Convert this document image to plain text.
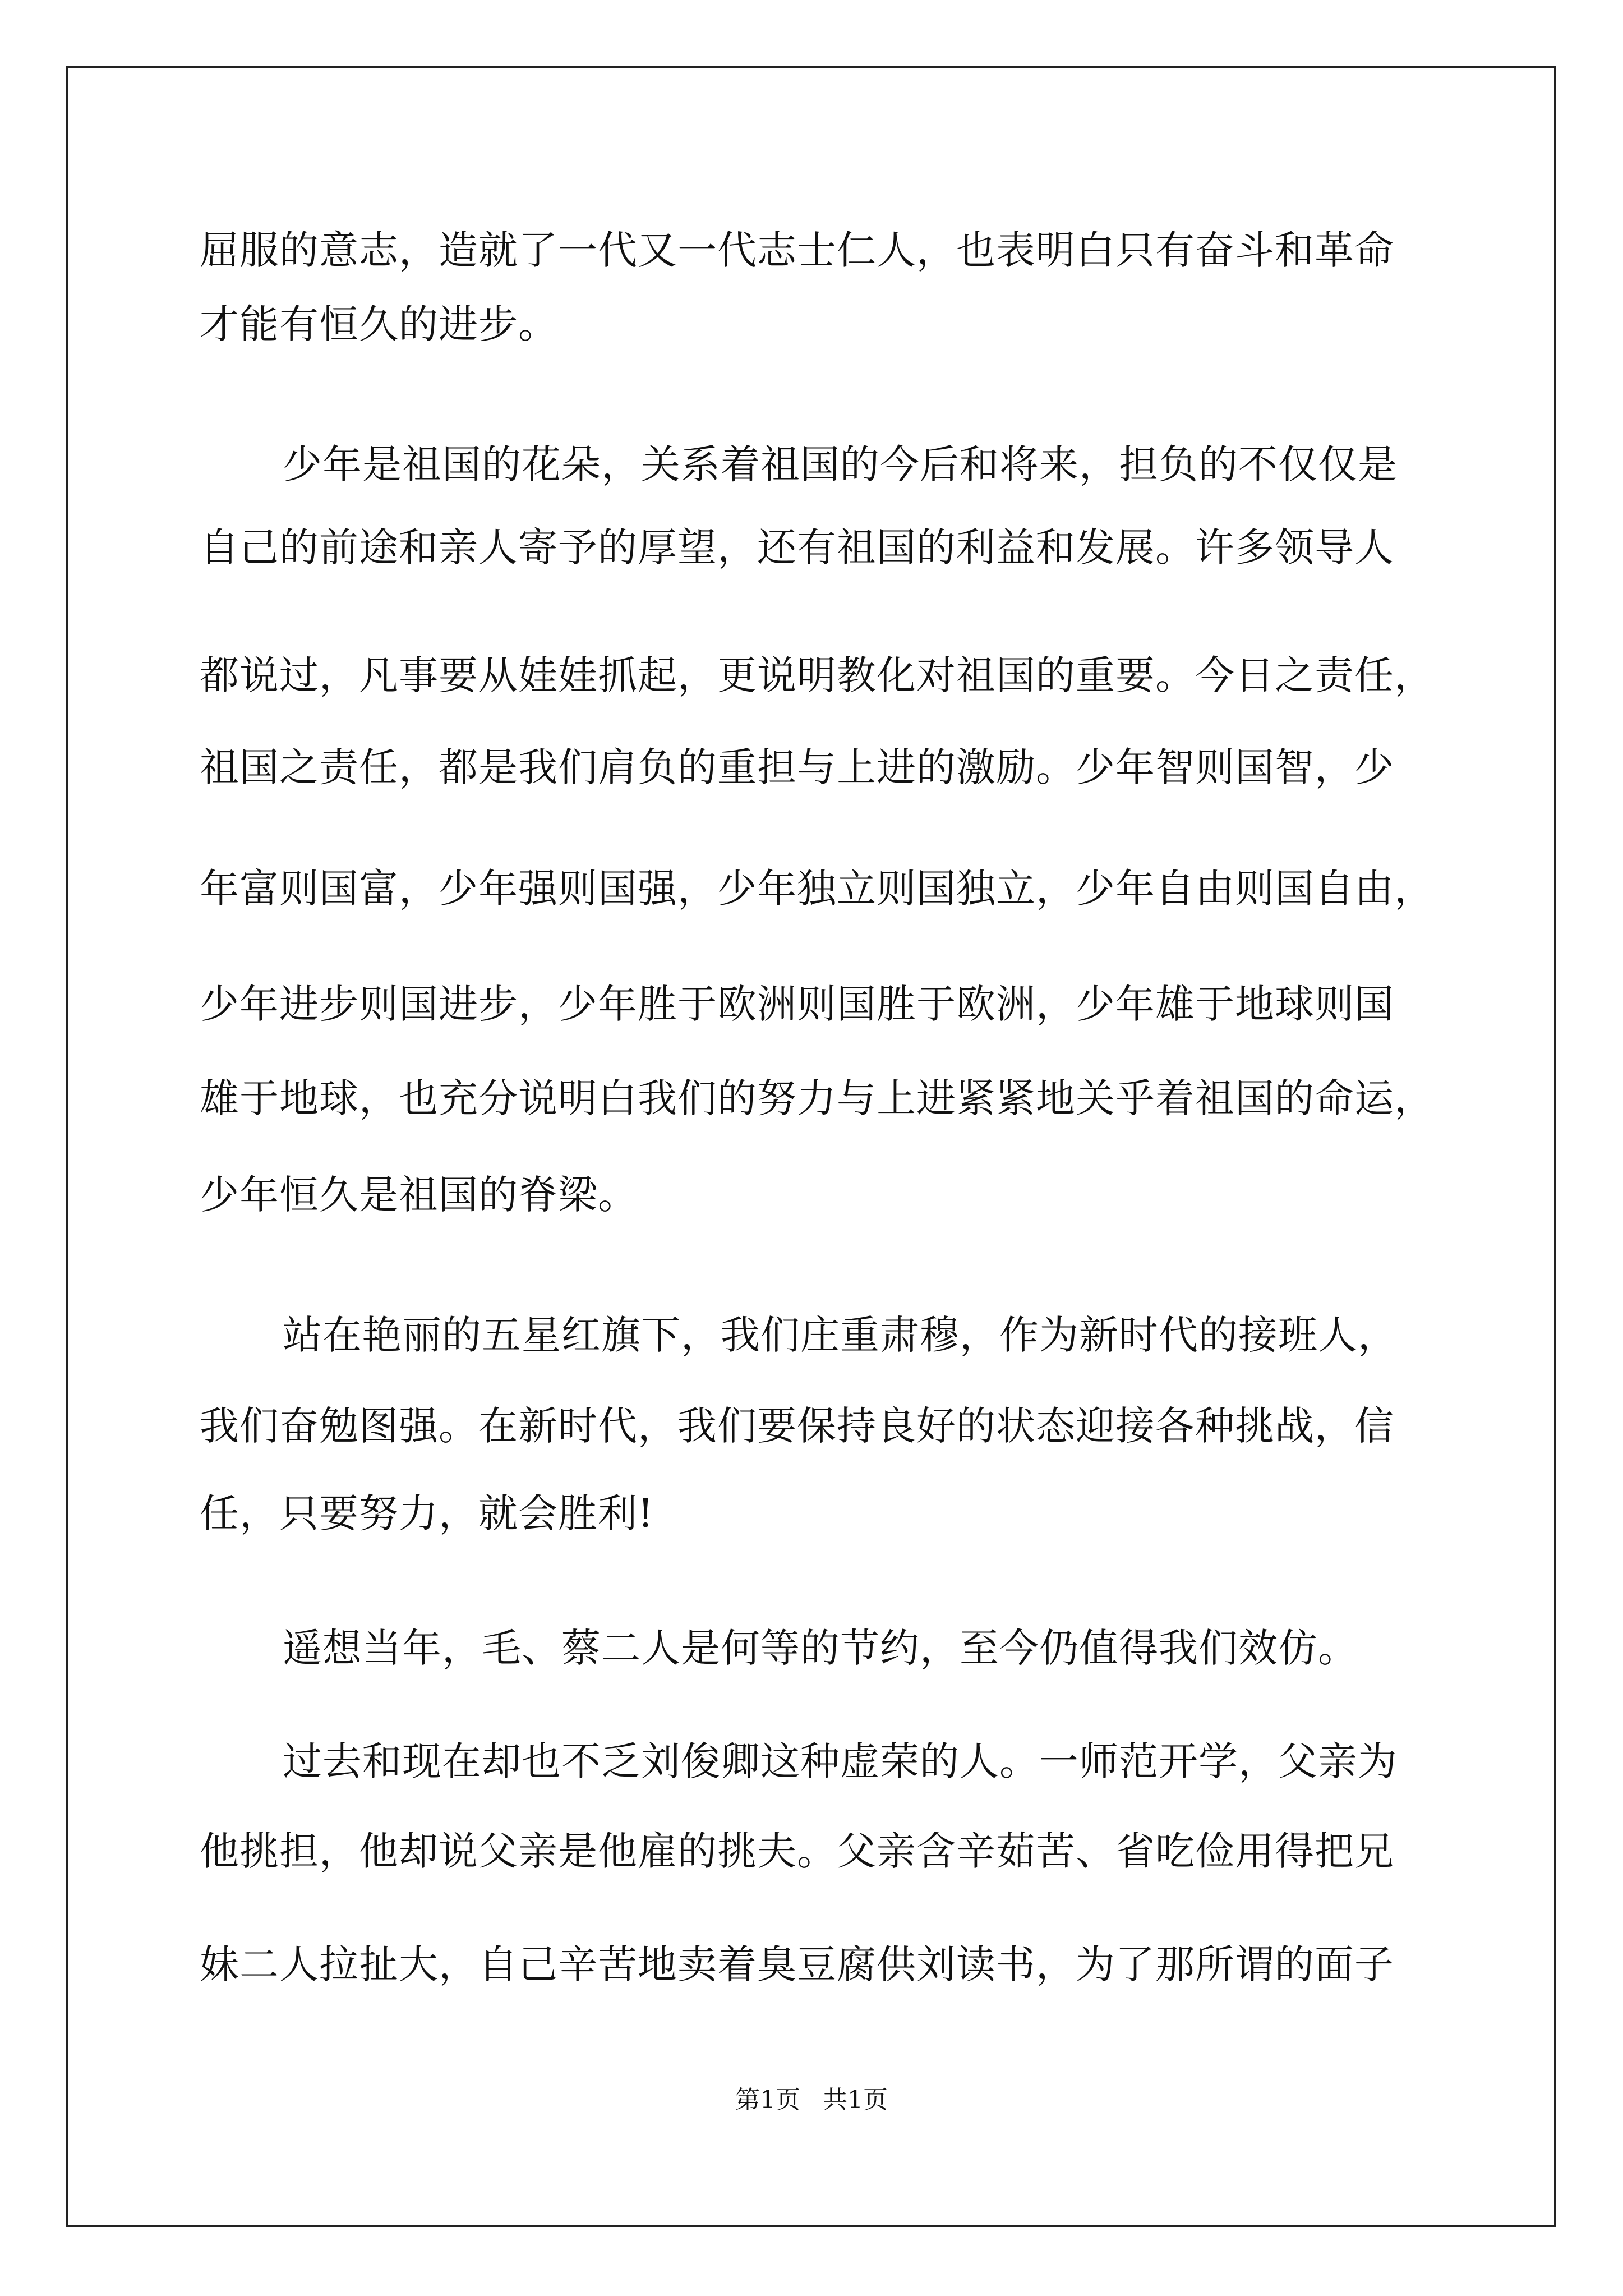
屈服的意志，造就了一代又一代志士仁人，也表明白只有奋斗和革命
才能有恒久的进步。
少年是祖国的花朵，关系着祖国的今后和将来，担负的不仅仅是
自己的前途和亲人寄予的厚望，还有祖国的利益和发展。许多领导人
都说过，凡事要从娃娃抓起，更说明教化对祖国的重要。今日之责任，
祖国之责任，都是我们肩负的重担与上进的激励。少年智则国智，少
年富则国富，少年强则国强，少年独立则国独立，少年自由则国自由，
少年进步则国进步，少年胜于欧洲则国胜于欧洲，少年雄于地球则国
雄于地球，也充分说明白我们的努力与上进紧紧地关乎着祖国的命运，
少年恒久是祖国的脊梁。
站在艳丽的五星红旗下，我们庄重肃穆，作为新时代的接班人，
我们奋勉图强。在新时代，我们要保持良好的状态迎接各种挑战，信
任，只要努力，就会胜利!
遥想当年，毛、蔡二人是何等的节约，至今仍值得我们效仿。
过去和现在却也不乏刘俊卿这种虚荣的人。一师范开学，父亲为
他挑担，他却说父亲是他雇的挑夫。父亲含辛茹苦、省吃俭用得把兄
妹二人拉扯大，自己辛苦地卖着臭豆腐供刘读书，为了那所谓的面子
第1页 共1页
